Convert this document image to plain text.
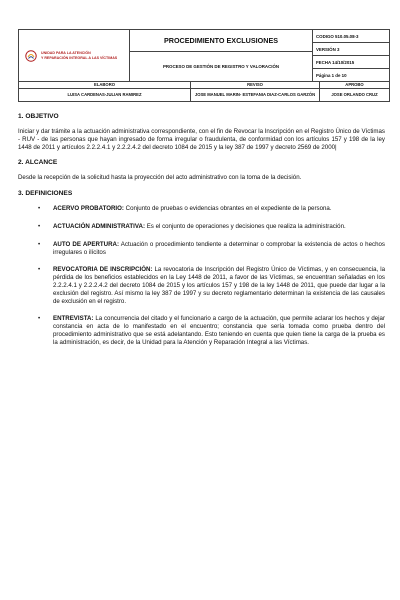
UNIDAD PARA LA ATENCIÓN
Y REPARACIÓN INTEGRAL A LAS VÍCTIMAS
PROCEDIMIENTO EXCLUSIONES
PROCESO DE GESTIÓN DE REGISTRO Y VALORACIÓN
CODIGO 510.05.08-3
VERSIÓN 3
FECHA 14/10/2015
Página 1 de 10
ELABORO	REVISO	APROBO
LUISA CARDENAS-JULIAN RAMIREZ	JOSE MANUEL MARIN- ESTEFANIA DIAZ-CARLOS GARZÓN	JOSE ORLANDO CRUZ
1. OBJETIVO
Iniciar y dar trámite a la actuación administrativa correspondiente, con el fin de Revocar la Inscripción en el Registro Único de Víctimas - RUV - de las personas que hayan ingresado de forma irregular o fraudulenta, de conformidad con los artículos 157 y 198 de la ley 1448 de 2011 y artículos 2.2.2.4.1 y 2.2.2.4.2 del decreto 1084 de 2015 y la ley 387 de 1997 y decreto 2569 de 2000|
2. ALCANCE
Desde la recepción de la solicitud hasta la proyección del acto administrativo con la toma de la decisión.
3. DEFINICIONES
• ACERVO PROBATORIO: Conjunto de pruebas o evidencias obrantes en el expediente de la persona.
• ACTUACIÓN ADMINISTRATIVA: Es el conjunto de operaciones y decisiones que realiza la administración.
• AUTO DE APERTURA: Actuación o procedimiento tendiente a determinar o comprobar la existencia de actos o hechos irregulares o ilícitos
• REVOCATORIA DE INSCRIPCIÓN: La revocatoria de Inscripción del Registro Único de Víctimas, y en consecuencia, la pérdida de los beneficios establecidos en la Ley 1448 de 2011, a favor de las Víctimas, se encuentran señaladas en los 2.2.2.4.1 y 2.2.2.4.2 del decreto 1084 de 2015 y los artículos 157 y 198 de la ley 1448 de 2011, que puede dar lugar a la exclusión del registro. Así mismo la ley 387 de 1997 y su decreto reglamentario determinan la existencia de las causales de exclusión en el registro.
• ENTREVISTA: La concurrencia del citado y el funcionario a cargo de la actuación, que permite aclarar los hechos y dejar constancia en acta de lo manifestado en el encuentro; constancia que sería tomada como prueba dentro del procedimiento administrativo que se está adelantando. Esto teniendo en cuenta que quien tiene la carga de la prueba es la administración, es decir, de la Unidad para la Atención y Reparación Integral a las Víctimas.
